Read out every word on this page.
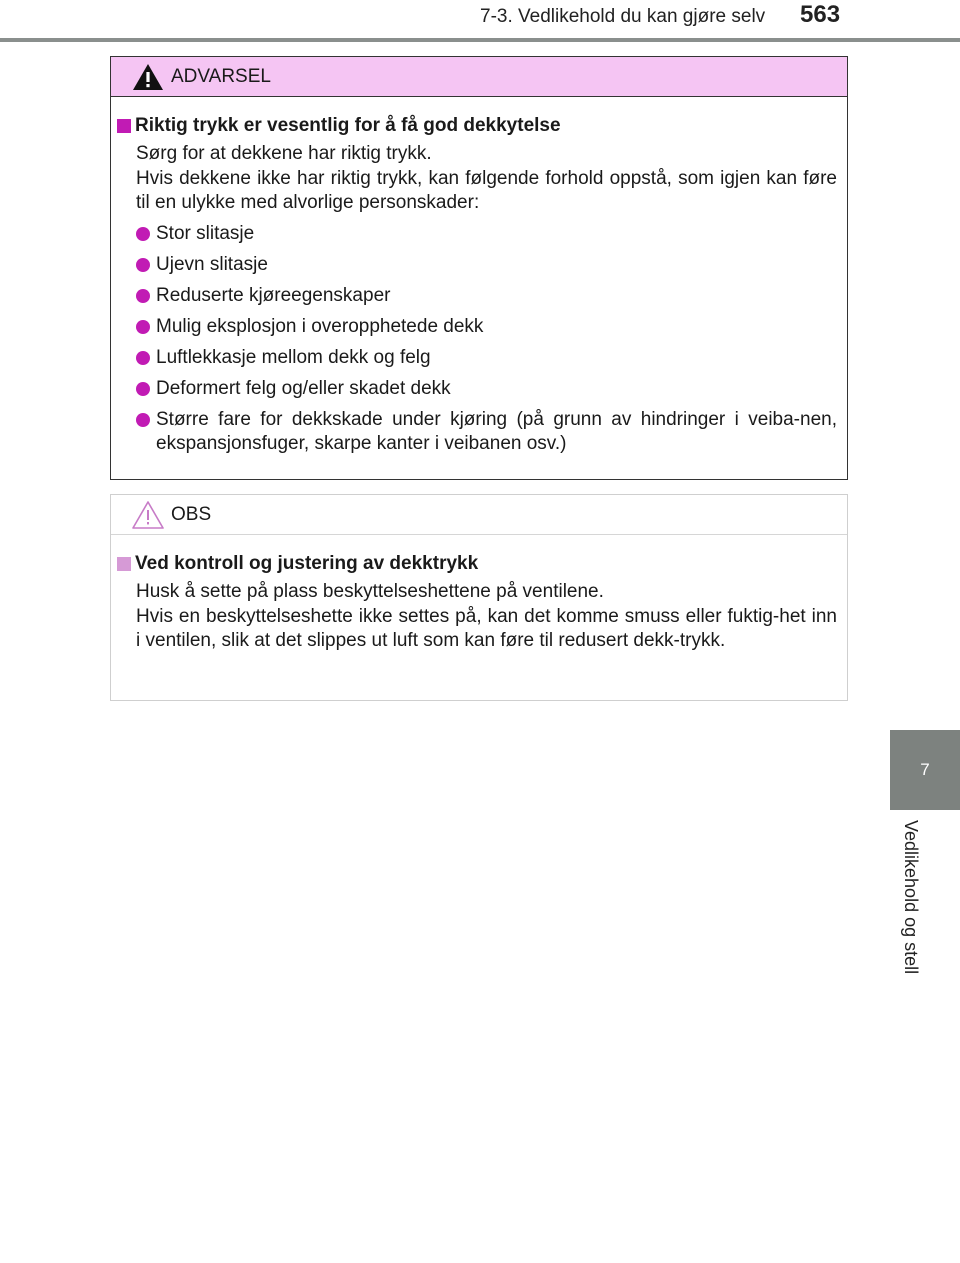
7-3. Vedlikehold du kan gjøre selv	563
7
Vedlikehold og stell
ADVARSEL
Riktig trykk er vesentlig for å få god dekkytelse
Sørg for at dekkene har riktig trykk.
Hvis dekkene ikke har riktig trykk, kan følgende forhold oppstå, som igjen kan føre til en ulykke med alvorlige personskader:
Stor slitasje
Ujevn slitasje
Reduserte kjøreegenskaper
Mulig eksplosjon i overopphetede dekk
Luftlekkasje mellom dekk og felg
Deformert felg og/eller skadet dekk
Større fare for dekkskade under kjøring (på grunn av hindringer i veiba-nen, ekspansjonsfuger, skarpe kanter i veibanen osv.)
OBS
Ved kontroll og justering av dekktrykk
Husk å sette på plass beskyttelseshettene på ventilene.
Hvis en beskyttelseshette ikke settes på, kan det komme smuss eller fuktig-het inn i ventilen, slik at det slippes ut luft som kan føre til redusert dekk-trykk.
